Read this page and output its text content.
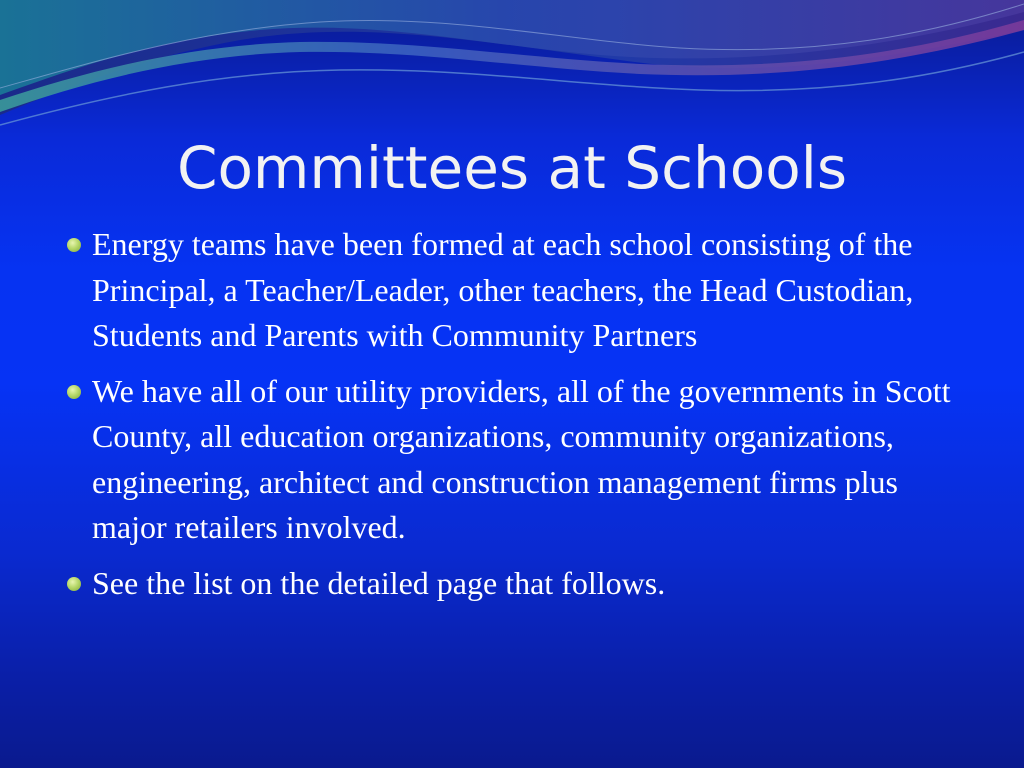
Committees at Schools
Energy teams have been formed at each school consisting of the Principal, a Teacher/Leader, other teachers, the Head Custodian, Students and Parents with Community Partners
We have all of our utility providers, all of the governments in Scott County, all education organizations, community organizations, engineering, architect and construction management firms plus major retailers involved.
See the list on the detailed page that follows.
